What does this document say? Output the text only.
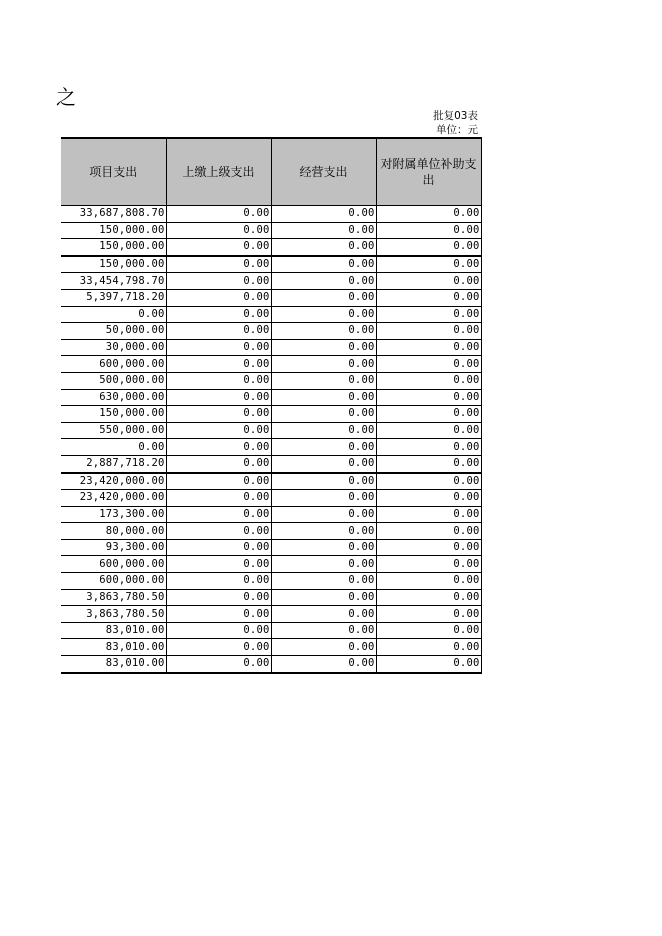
之
批复03表
单位：元
项目支出	上缴上级支出	经营支出	对附属单位补助支出
33,687,808.70	0.00	0.00	0.00
150,000.00	0.00	0.00	0.00
150,000.00	0.00	0.00	0.00
150,000.00	0.00	0.00	0.00
33,454,798.70	0.00	0.00	0.00
5,397,718.20	0.00	0.00	0.00
0.00	0.00	0.00	0.00
50,000.00	0.00	0.00	0.00
30,000.00	0.00	0.00	0.00
600,000.00	0.00	0.00	0.00
500,000.00	0.00	0.00	0.00
630,000.00	0.00	0.00	0.00
150,000.00	0.00	0.00	0.00
550,000.00	0.00	0.00	0.00
0.00	0.00	0.00	0.00
2,887,718.20	0.00	0.00	0.00
23,420,000.00	0.00	0.00	0.00
23,420,000.00	0.00	0.00	0.00
173,300.00	0.00	0.00	0.00
80,000.00	0.00	0.00	0.00
93,300.00	0.00	0.00	0.00
600,000.00	0.00	0.00	0.00
600,000.00	0.00	0.00	0.00
3,863,780.50	0.00	0.00	0.00
3,863,780.50	0.00	0.00	0.00
83,010.00	0.00	0.00	0.00
83,010.00	0.00	0.00	0.00
83,010.00	0.00	0.00	0.00
